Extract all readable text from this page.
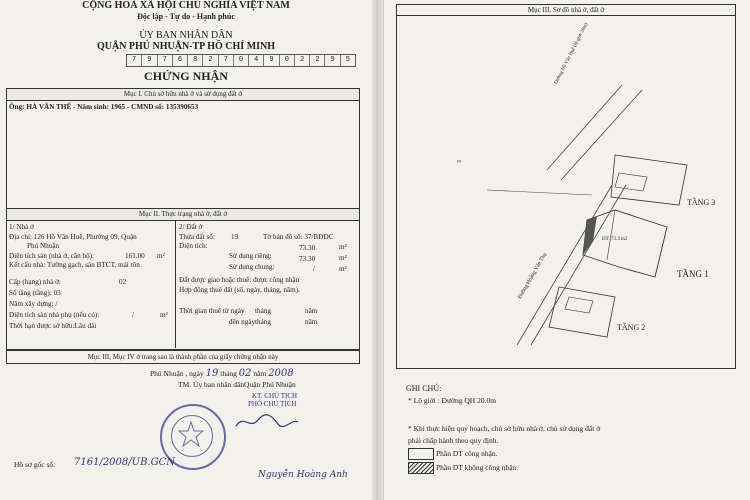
CỘNG HOÀ XÃ HỘI CHỦ NGHĨA VIỆT NAM
Độc lập - Tự do - Hạnh phúc
ỦY BAN NHÂN DÂN
QUẬN PHÚ NHUẬN-TP HỒ CHÍ MINH
7	9	7	6	8	2	7	0	4	9	0	2	2	9	5
CHỨNG NHẬN
Mục I. Chủ sở hữu nhà ở và sử dụng đất ở
Ông: HÀ VĂN THẾ - Năm sinh: 1965 - CMND số: 135390653
Mục II. Thực trạng nhà ở, đất ở
1/ Nhà ở
Địa chỉ: 126 Hồ Văn Huê, Phường 09, Quận
Phú Nhuận
Diện tích sàn (nhà ở, căn hộ):	161.00 m²
Kết cấu nhà: Tường gạch, sàn BTCT, mái tôn
Cấp (hạng) nhà ở:	02
Số tầng (tầng): 03
Năm xây dựng: /
Diện tích sàn nhà phụ (nếu có):	/	m²
Thời hạn được sở hữu:Lâu dài
2/ Đất ở
Thửa đất số: 19	Tờ bản đồ số: 37/BĐĐC
Diện tích:	73.30	m²
Sử dụng riêng:	73.30	m²
Sử dụng chung:	/	m²
Đất được giao hoặc thuê: được công nhận
Hợp đồng thuê đất (số, ngày, tháng, năm).
Thời gian thuê từ ngày tháng	năm
đến ngày tháng	năm
Mục III, Mục IV ở trang sau là thành phần của giấy chứng nhận này
Phú Nhuận , ngày 19 tháng 02 năm 2008
TM. Ủy ban nhân dânQuận Phú Nhuận
KT. CHỦ TỊCH
PHÓ CHỦ TỊCH
Nguyễn Hoàng Anh
Hồ sơ gốc số: 7161/2008/UB.GCN
Mục III. Sơ đồ nhà ở, đất ở
∞
Đường Hồ Văn Huê (lộ giới 20m)
Đường Hoàng Văn Thụ
DT: 73.3 m2
TẦNG 3
TẦNG 1
TẦNG 2
GHI CHÚ:
* Lộ giới : Đường QH 20.0m
* Khi thực hiện quy hoạch, chủ sở hữu nhà ở, chủ sử dụng đất ở
phải chấp hành theo quy định.
Phần DT công nhận.
Phần DT không công nhận.
